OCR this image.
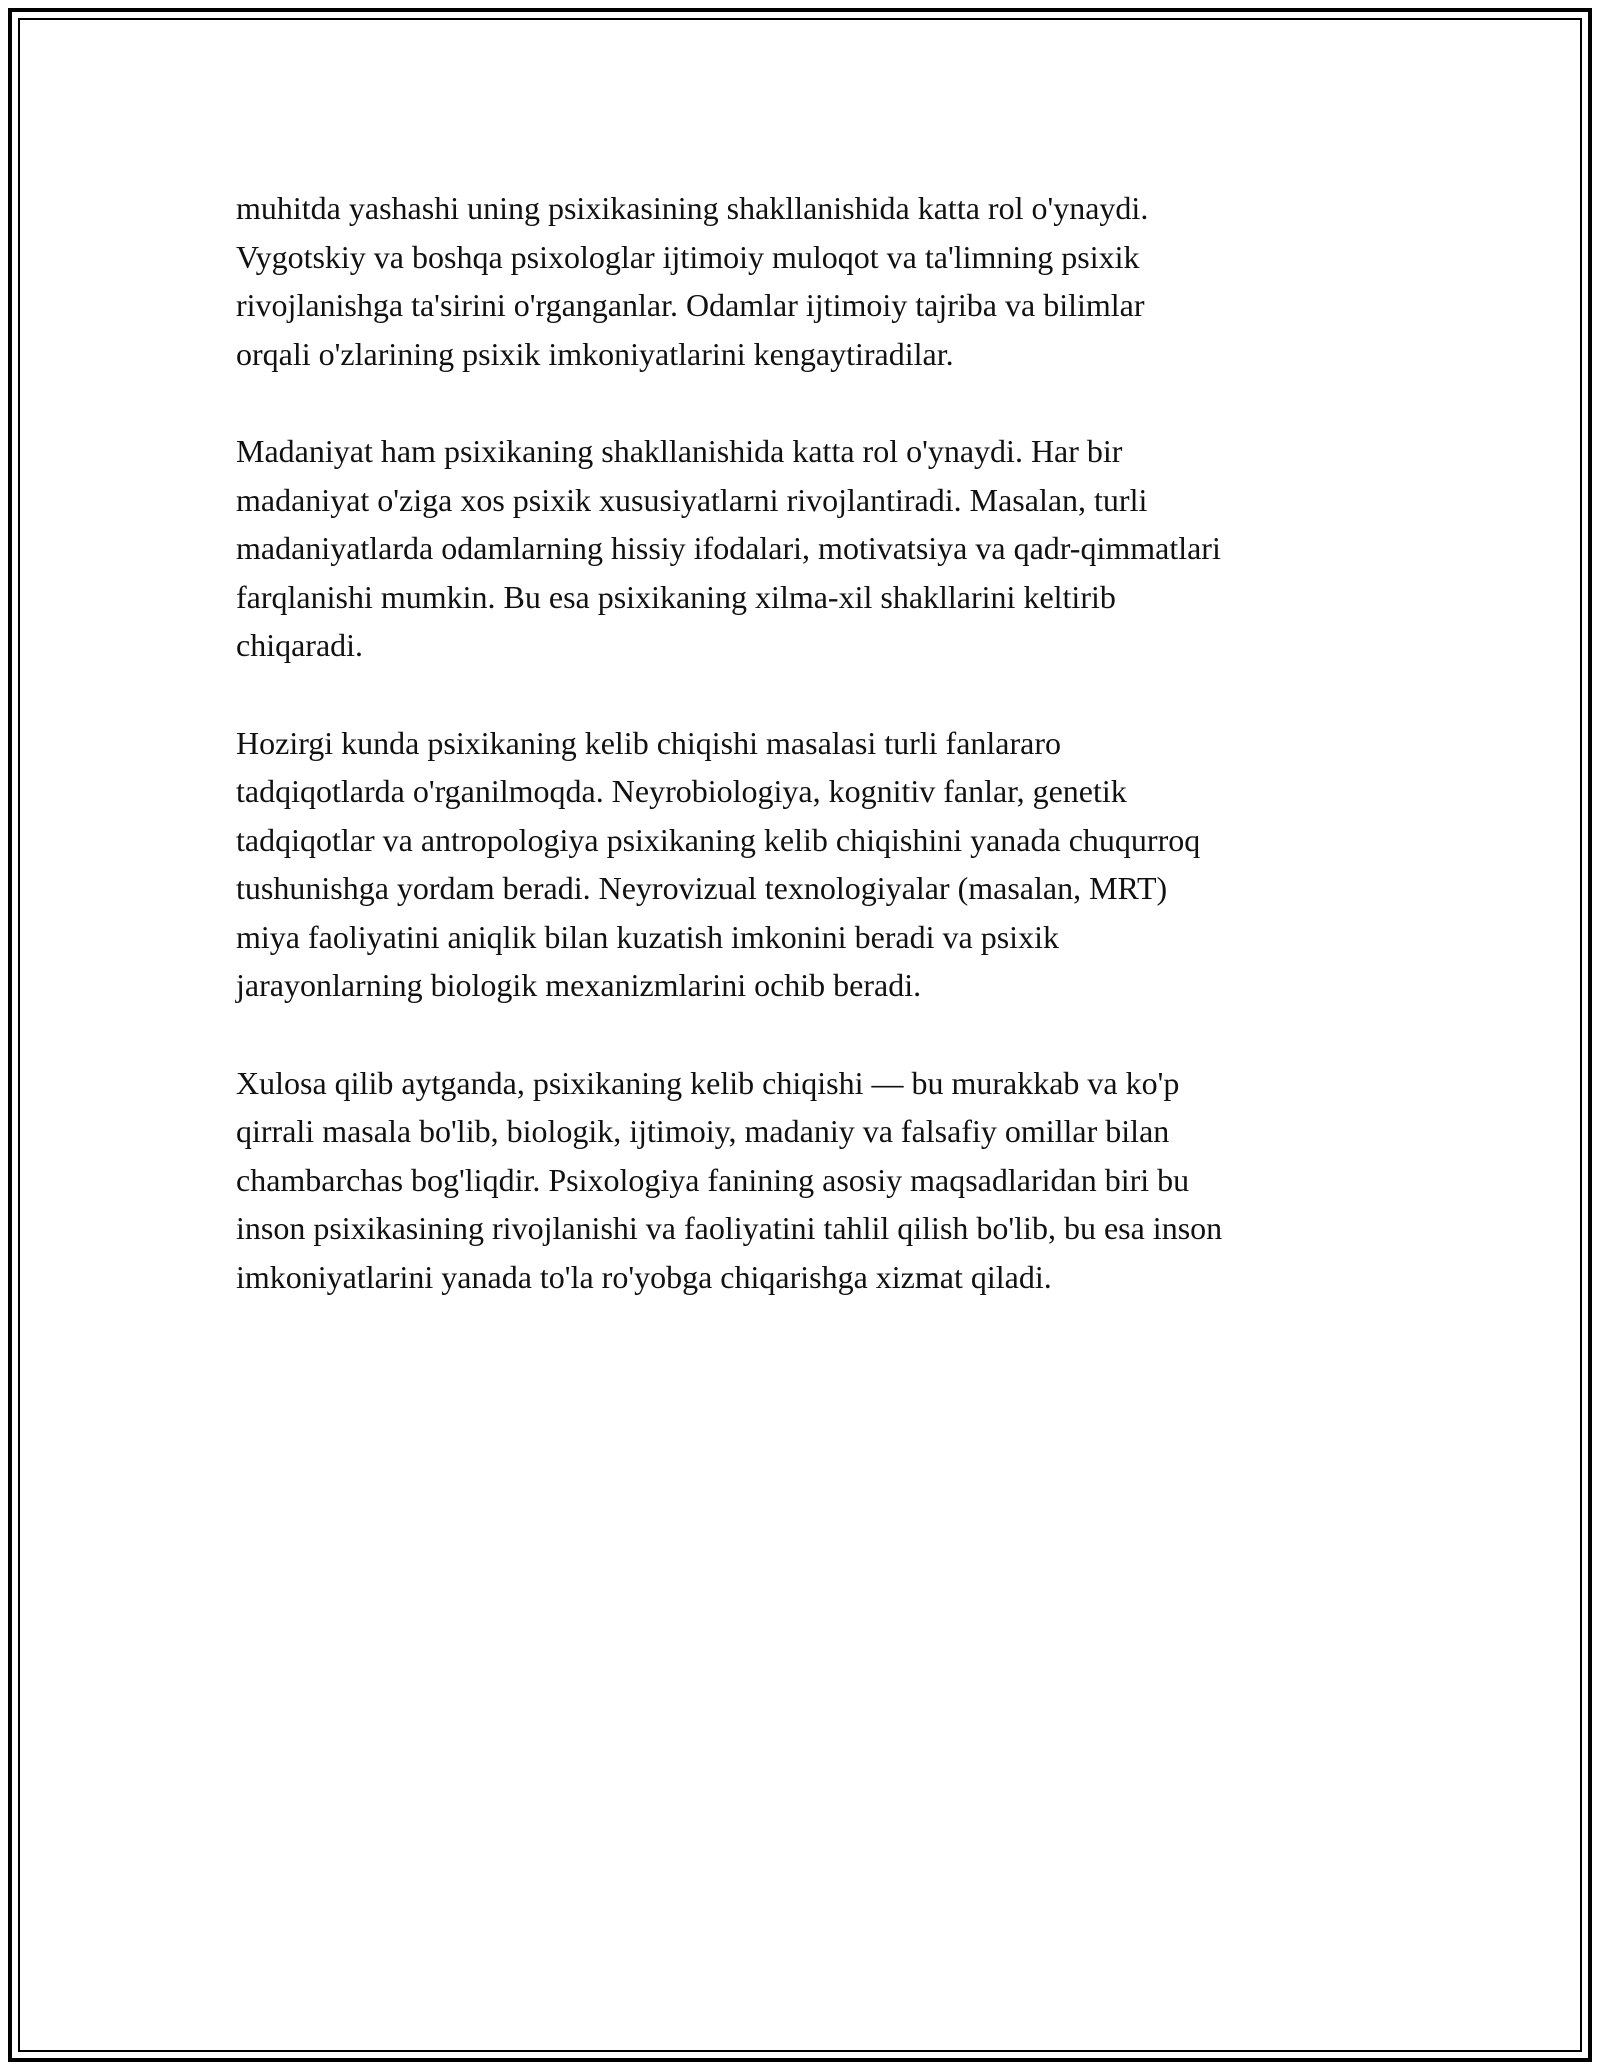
muhitda yashashi uning psixikasining shakllanishida katta rol o'ynaydi.
Vygotskiy va boshqa psixologlar ijtimoiy muloqot va ta'limning psixik
rivojlanishga ta'sirini o'rganganlar. Odamlar ijtimoiy tajriba va bilimlar
orqali o'zlarining psixik imkoniyatlarini kengaytiradilar.

Madaniyat ham psixikaning shakllanishida katta rol o'ynaydi. Har bir
madaniyat o'ziga xos psixik xususiyatlarni rivojlantiradi. Masalan, turli
madaniyatlarda odamlarning hissiy ifodalari, motivatsiya va qadr-qimmatlari
farqlanishi mumkin. Bu esa psixikaning xilma-xil shakllarini keltirib
chiqaradi.

Hozirgi kunda psixikaning kelib chiqishi masalasi turli fanlararo
tadqiqotlarda o'rganilmoqda. Neyrobiologiya, kognitiv fanlar, genetik
tadqiqotlar va antropologiya psixikaning kelib chiqishini yanada chuqurroq
tushunishga yordam beradi. Neyrovizual texnologiyalar (masalan, MRT)
miya faoliyatini aniqlik bilan kuzatish imkonini beradi va psixik
jarayonlarning biologik mexanizmlarini ochib beradi.

Xulosa qilib aytganda, psixikaning kelib chiqishi — bu murakkab va ko'p
qirrali masala bo'lib, biologik, ijtimoiy, madaniy va falsafiy omillar bilan
chambarchas bog'liqdir. Psixologiya fanining asosiy maqsadlaridan biri bu
inson psixikasining rivojlanishi va faoliyatini tahlil qilish bo'lib, bu esa inson
imkoniyatlarini yanada to'la ro'yobga chiqarishga xizmat qiladi.
